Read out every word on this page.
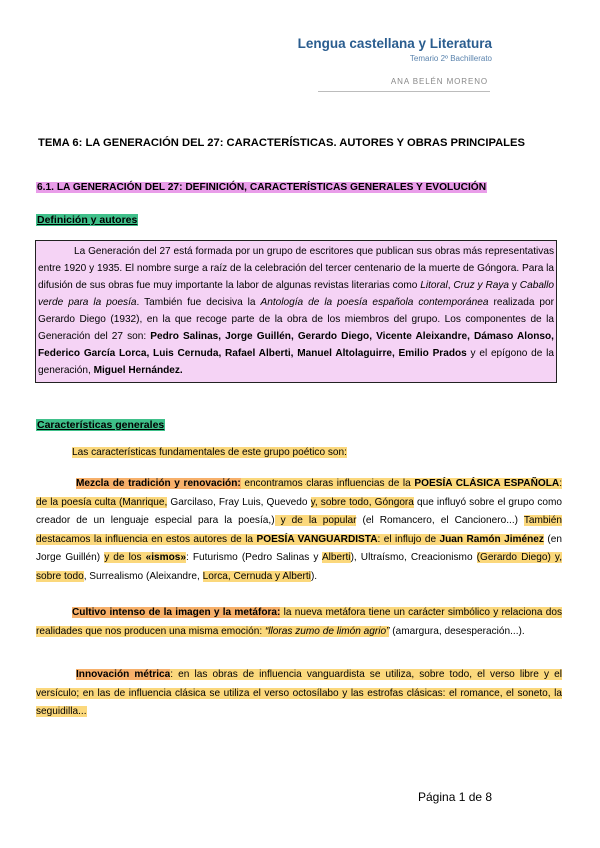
Lengua castellana y Literatura
Temario 2º Bachillerato
ANA BELÉN MORENO
TEMA 6: LA GENERACIÓN DEL 27: CARACTERÍSTICAS. AUTORES Y OBRAS PRINCIPALES
6.1. LA GENERACIÓN DEL 27: DEFINICIÓN, CARACTERÍSTICAS GENERALES Y EVOLUCIÓN
Definición y autores
La Generación del 27 está formada por un grupo de escritores que publican sus obras más representativas entre 1920 y 1935. El nombre surge a raíz de la celebración del tercer centenario de la muerte de Góngora. Para la difusión de sus obras fue muy importante la labor de algunas revistas literarias como Litoral, Cruz y Raya y Caballo verde para la poesía. También fue decisiva la Antología de la poesía española contemporánea realizada por Gerardo Diego (1932), en la que recoge parte de la obra de los miembros del grupo. Los componentes de la Generación del 27 son: Pedro Salinas, Jorge Guillén, Gerardo Diego, Vicente Aleixandre, Dámaso Alonso, Federico García Lorca, Luis Cernuda, Rafael Alberti, Manuel Altolaguirre, Emilio Prados y el epígono de la generación, Miguel Hernández.
Características generales
Las características fundamentales de este grupo poético son:
Mezcla de tradición y renovación: encontramos claras influencias de la POESÍA CLÁSICA ESPAÑOLA: de la poesía culta (Manrique, Garcilaso, Fray Luis, Quevedo y, sobre todo, Góngora que influyó sobre el grupo como creador de un lenguaje especial para la poesía,) y de la popular (el Romancero, el Cancionero...) También destacamos la influencia en estos autores de la POESÍA VANGUARDISTA: el influjo de Juan Ramón Jiménez (en Jorge Guillén) y de los «ismos»: Futurismo (Pedro Salinas y Alberti), Ultraísmo, Creacionismo (Gerardo Diego) y, sobre todo, Surrealismo (Aleixandre, Lorca, Cernuda y Alberti).
Cultivo intenso de la imagen y la metáfora: la nueva metáfora tiene un carácter simbólico y relaciona dos realidades que nos producen una misma emoción: “lloras zumo de limón agrio” (amargura, desesperación...).
Innovación métrica: en las obras de influencia vanguardista se utiliza, sobre todo, el verso libre y el versículo; en las de influencia clásica se utiliza el verso octosílabo y las estrofas clásicas: el romance, el soneto, la seguidilla...
Página 1 de 8
